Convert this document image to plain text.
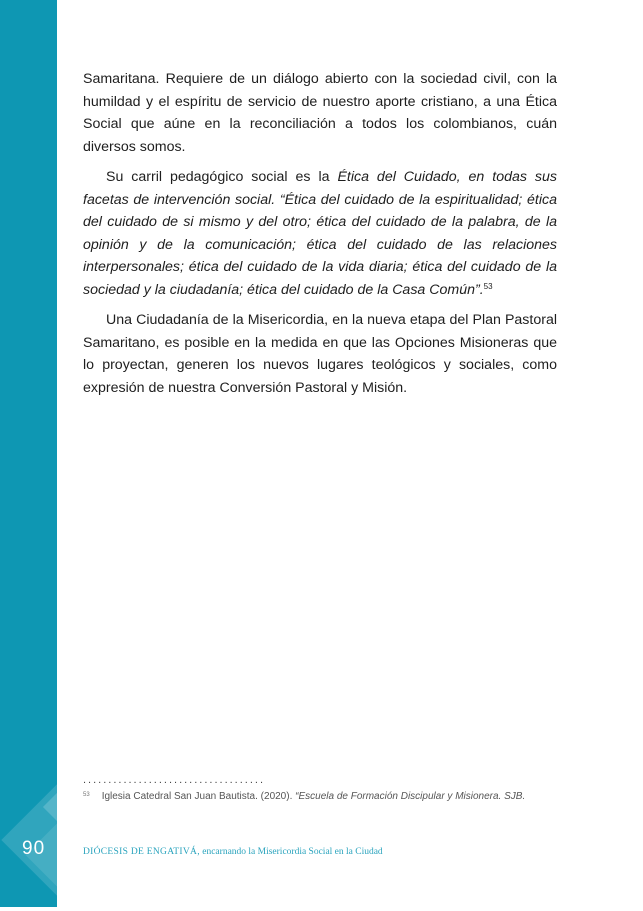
90

Samaritana. Requiere de un diálogo abierto con la sociedad civil, con la humildad y el espíritu de servicio de nuestro aporte cristiano, a una Ética Social que aúne en la reconciliación a todos los colombianos, cuán diversos somos.

Su carril pedagógico social es la Ética del Cuidado, en todas sus facetas de intervención social. “Ética del cuidado de la espiritualidad; ética del cuidado de si mismo y del otro; ética del cuidado de la palabra, de la opinión y de la comunicación; ética del cuidado de las relaciones interpersonales; ética del cuidado de la vida diaria; ética del cuidado de la sociedad y la ciudadanía; ética del cuidado de la Casa Común”.$^{53}$

Una Ciudadanía de la Misericordia, en la nueva etapa del Plan Pastoral Samaritano, es posible en la medida en que las Opciones Misioneras que lo proyectan, generen los nuevos lugares teológicos y sociales, como expresión de nuestra Conversión Pastoral y Misión.

....................................
$^{53}$ Iglesia Catedral San Juan Bautista. (2020). “Escuela de Formación Discipular y Misionera. SJB.
DIÓCESIS DE ENGATIVÁ, encarnando la Misericordia Social en la Ciudad
